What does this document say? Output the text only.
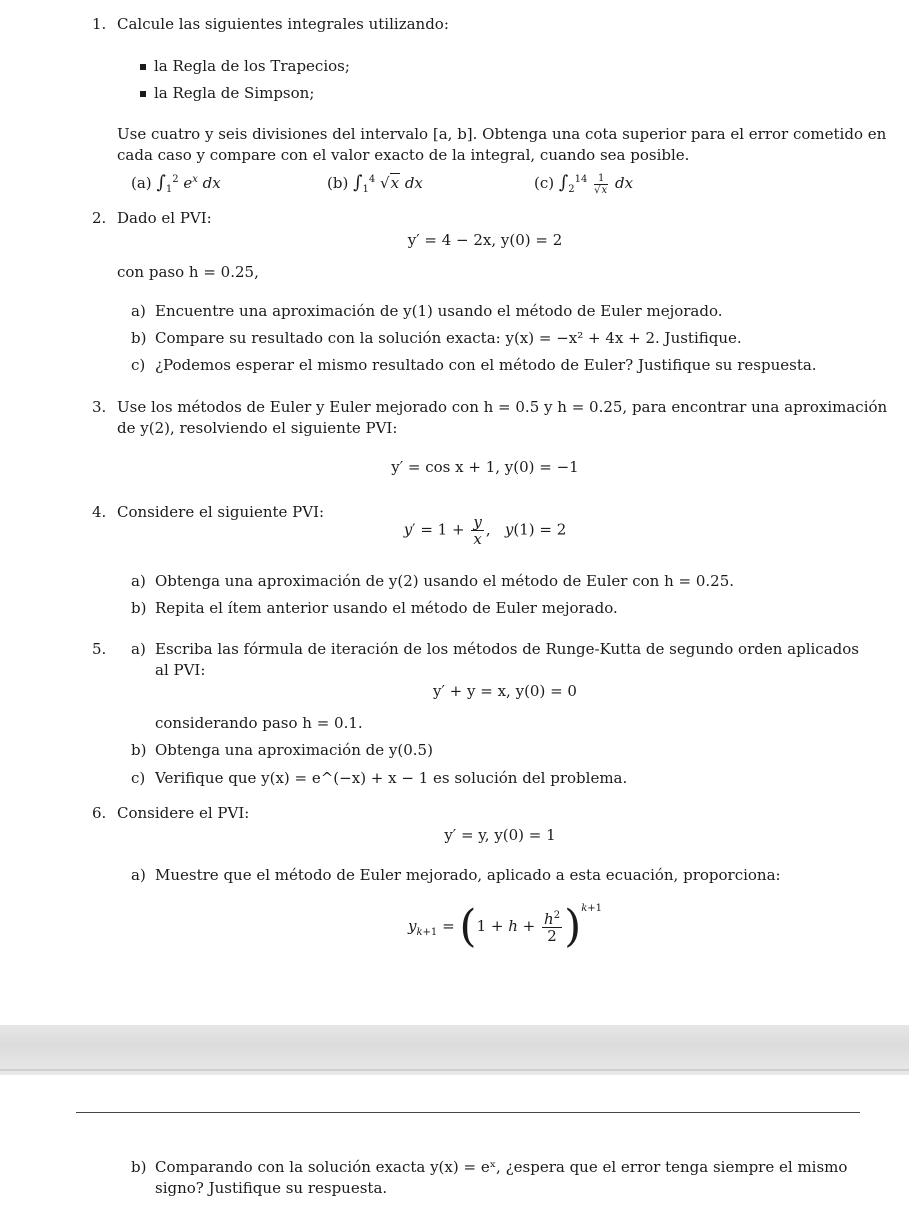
1. Calcule las siguientes integrales utilizando:
la Regla de los Trapecios;
la Regla de Simpson;
Use cuatro y seis divisiones del intervalo [a, b]. Obtenga una cota superior para el error cometido en
cada caso y compare con el valor exacto de la integral, cuando sea posible.
(a) $\int_1^2$ $e^x$ dx	(b) $\int_1^4$ √x dx	(c) $\int_2^{14} \frac{1}{√x}$ dx
2. Dado el PVI:
y′ = 4 − 2x, y(0) = 2
con paso h = 0.25,
a) Encuentre una aproximación de y(1) usando el método de Euler mejorado.
b) Compare su resultado con la solución exacta: y(x) = −x² + 4x + 2. Justifique.
c) ¿Podemos esperar el mismo resultado con el método de Euler? Justifique su respuesta.
3. Use los métodos de Euler y Euler mejorado con h = 0.5 y h = 0.25, para encontrar una aproximación
de y(2), resolviendo el siguiente PVI:
y′ = cos x + 1, y(0) = −1
4. Considere el siguiente PVI:
$y' = 1 + \frac{y}{x}$ ,   y(1) = 2
a) Obtenga una aproximación de y(2) usando el método de Euler con h = 0.25.
b) Repita el ítem anterior usando el método de Euler mejorado.
5. a) Escriba las fórmula de iteración de los métodos de Runge-Kutta de segundo orden aplicados
al PVI:
y′ + y = x, y(0) = 0
considerando paso h = 0.1.
b) Obtenga una aproximación de y(0.5)
c) Verifique que y(x) = e^(−x) + x − 1 es solución del problema.
6. Considere el PVI:
y′ = y, y(0) = 1
a) Muestre que el método de Euler mejorado, aplicado a esta ecuación, proporciona:
$y_{k+1} = (1 + h + \frac{h^2}{2} )^{k+1}$
b) Comparando con la solución exacta y(x) = eˣ, ¿espera que el error tenga siempre el mismo
signo? Justifique su respuesta.
